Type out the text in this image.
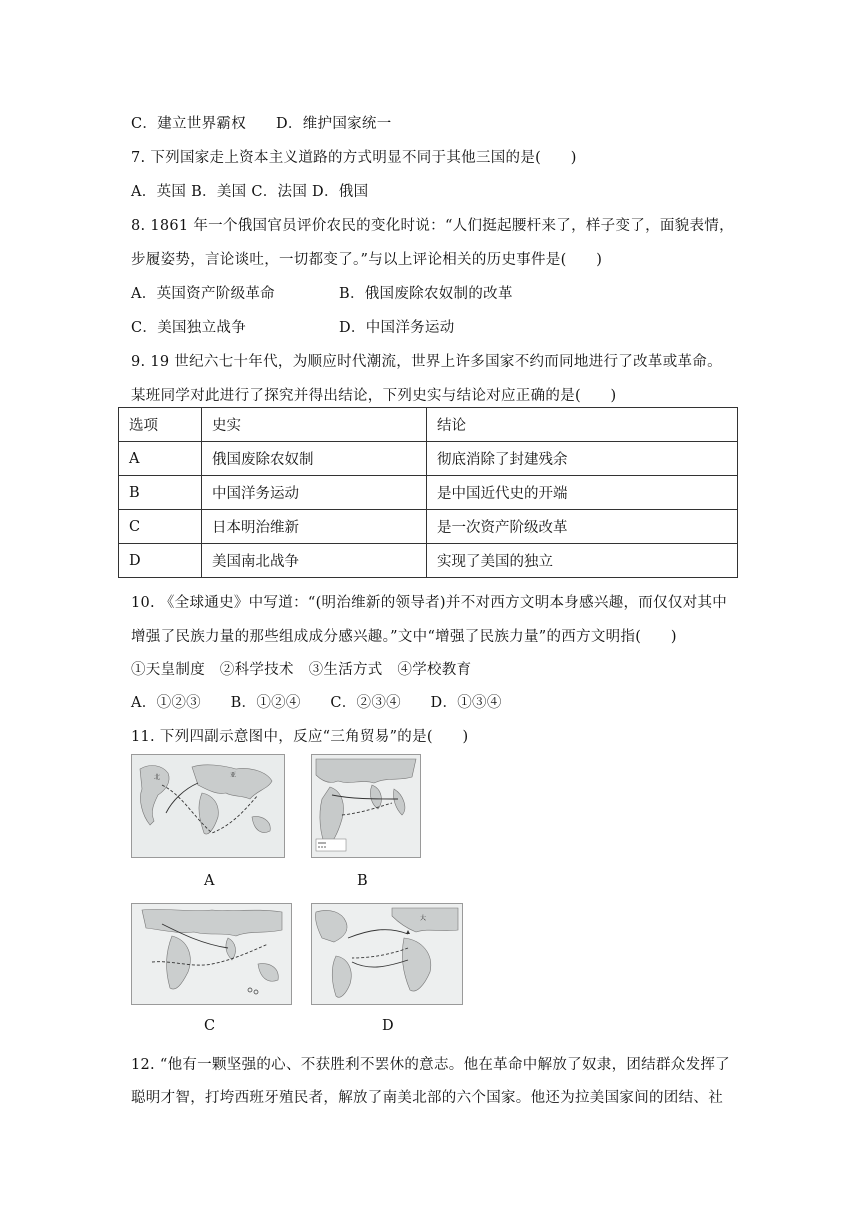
C．建立世界霸权 D．维护国家统一
7. 下列国家走上资本主义道路的方式明显不同于其他三国的是(　　)
A．英国 B．美国 C．法国 D．俄国
8. 1861 年一个俄国官员评价农民的变化时说：“人们挺起腰杆来了，样子变了，面貌表情，
步履姿势，言论谈吐，一切都变了。”与以上评论相关的历史事件是(　　)
A．英国资产阶级革命	B．俄国废除农奴制的改革
C．美国独立战争	D．中国洋务运动
9. 19 世纪六七十年代，为顺应时代潮流，世界上许多国家不约而同地进行了改革或革命。
某班同学对此进行了探究并得出结论，下列史实与结论对应正确的是(　　)
选项	史实	结论
A	俄国废除农奴制	彻底消除了封建残余
B	中国洋务运动	是中国近代史的开端
C	日本明治维新	是一次资产阶级改革
D	美国南北战争	实现了美国的独立
10. 《全球通史》中写道：“(明治维新的领导者)并不对西方文明本身感兴趣，而仅仅对其中
增强了民族力量的那些组成成分感兴趣。”文中“增强了民族力量”的西方文明指(　　)
①天皇制度　②科学技术　③生活方式　④学校教育
A．①②③　　B．①②④　　C．②③④　　D．①③④
11. 下列四副示意图中，反应“三角贸易”的是(　　)
亚
北
A	B
C
大
D
12. “他有一颗坚强的心、不获胜利不罢休的意志。他在革命中解放了奴隶，团结群众发挥了
聪明才智，打垮西班牙殖民者，解放了南美北部的六个国家。他还为拉美国家间的团结、社
